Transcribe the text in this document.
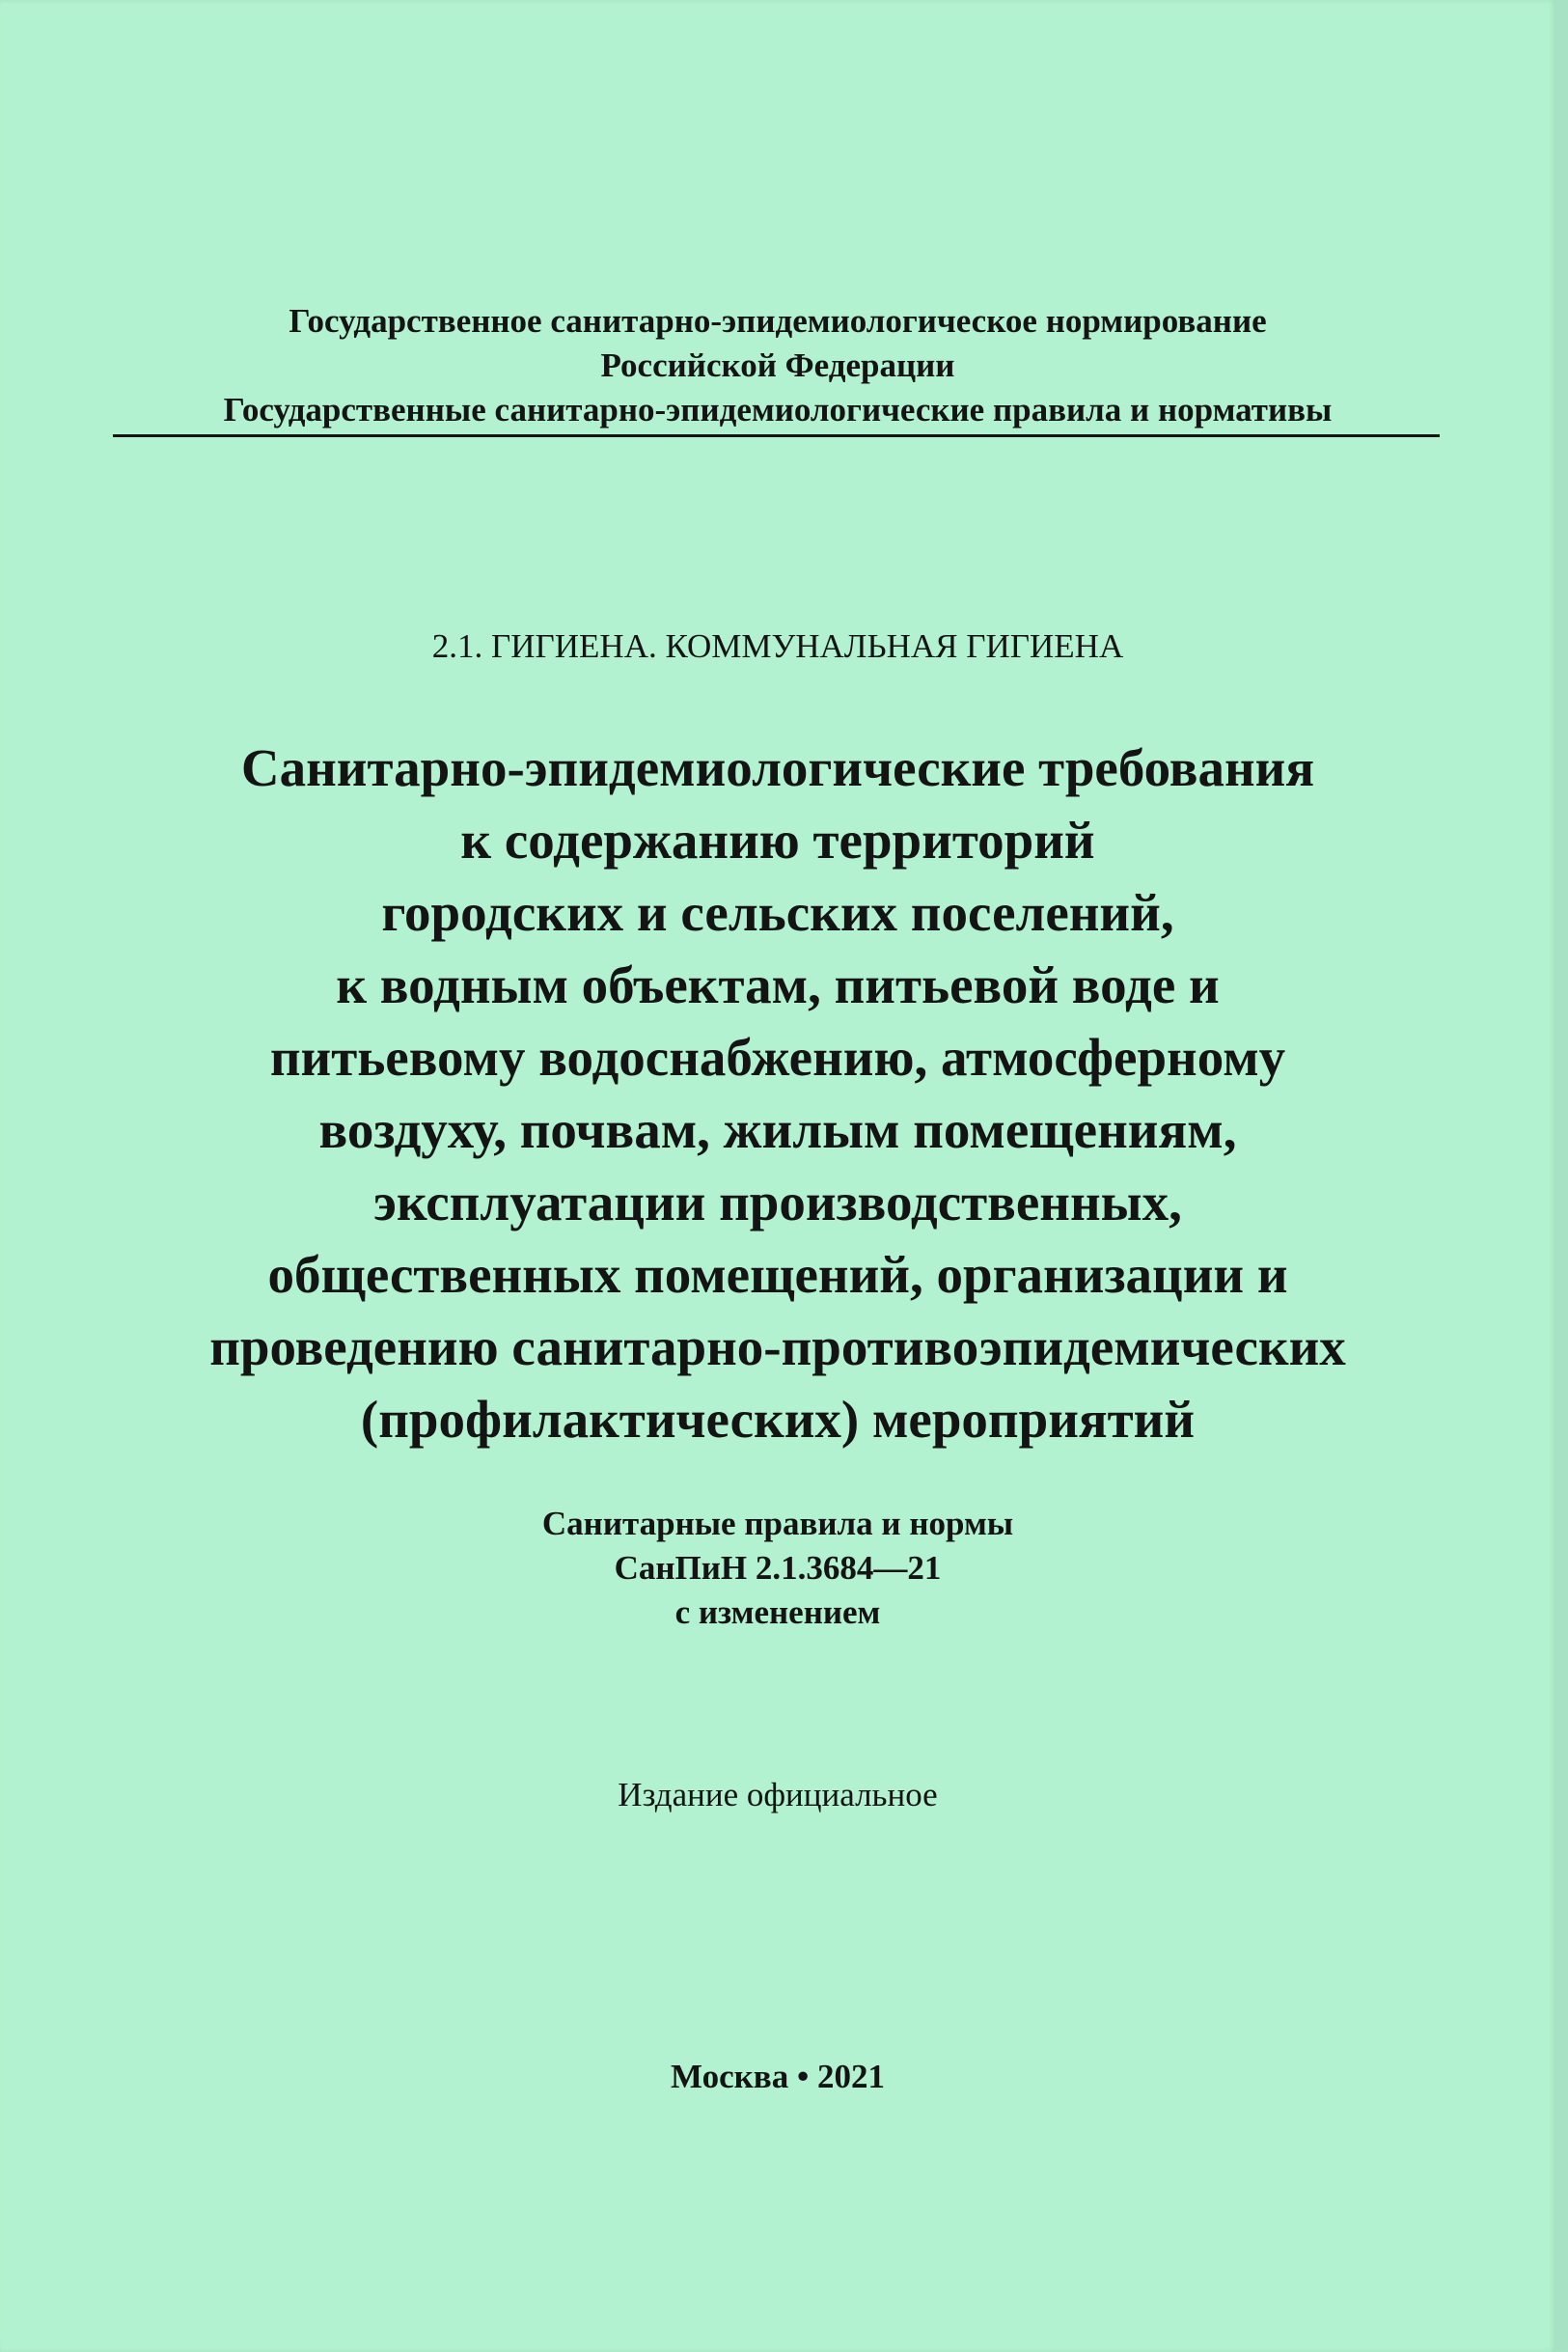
Государственное санитарно-эпидемиологическое нормирование
Российской Федерации
Государственные санитарно-эпидемиологические правила и нормативы
2.1. ГИГИЕНА. КОММУНАЛЬНАЯ ГИГИЕНА
Санитарно-эпидемиологические требования
к содержанию территорий
городских и сельских поселений,
к водным объектам, питьевой воде и
питьевому водоснабжению, атмосферному
воздуху, почвам, жилым помещениям,
эксплуатации производственных,
общественных помещений, организации и
проведению санитарно-противоэпидемических
(профилактических) мероприятий
Санитарные правила и нормы
СанПиН 2.1.3684—21
с изменением
Издание официальное
Москва • 2021
